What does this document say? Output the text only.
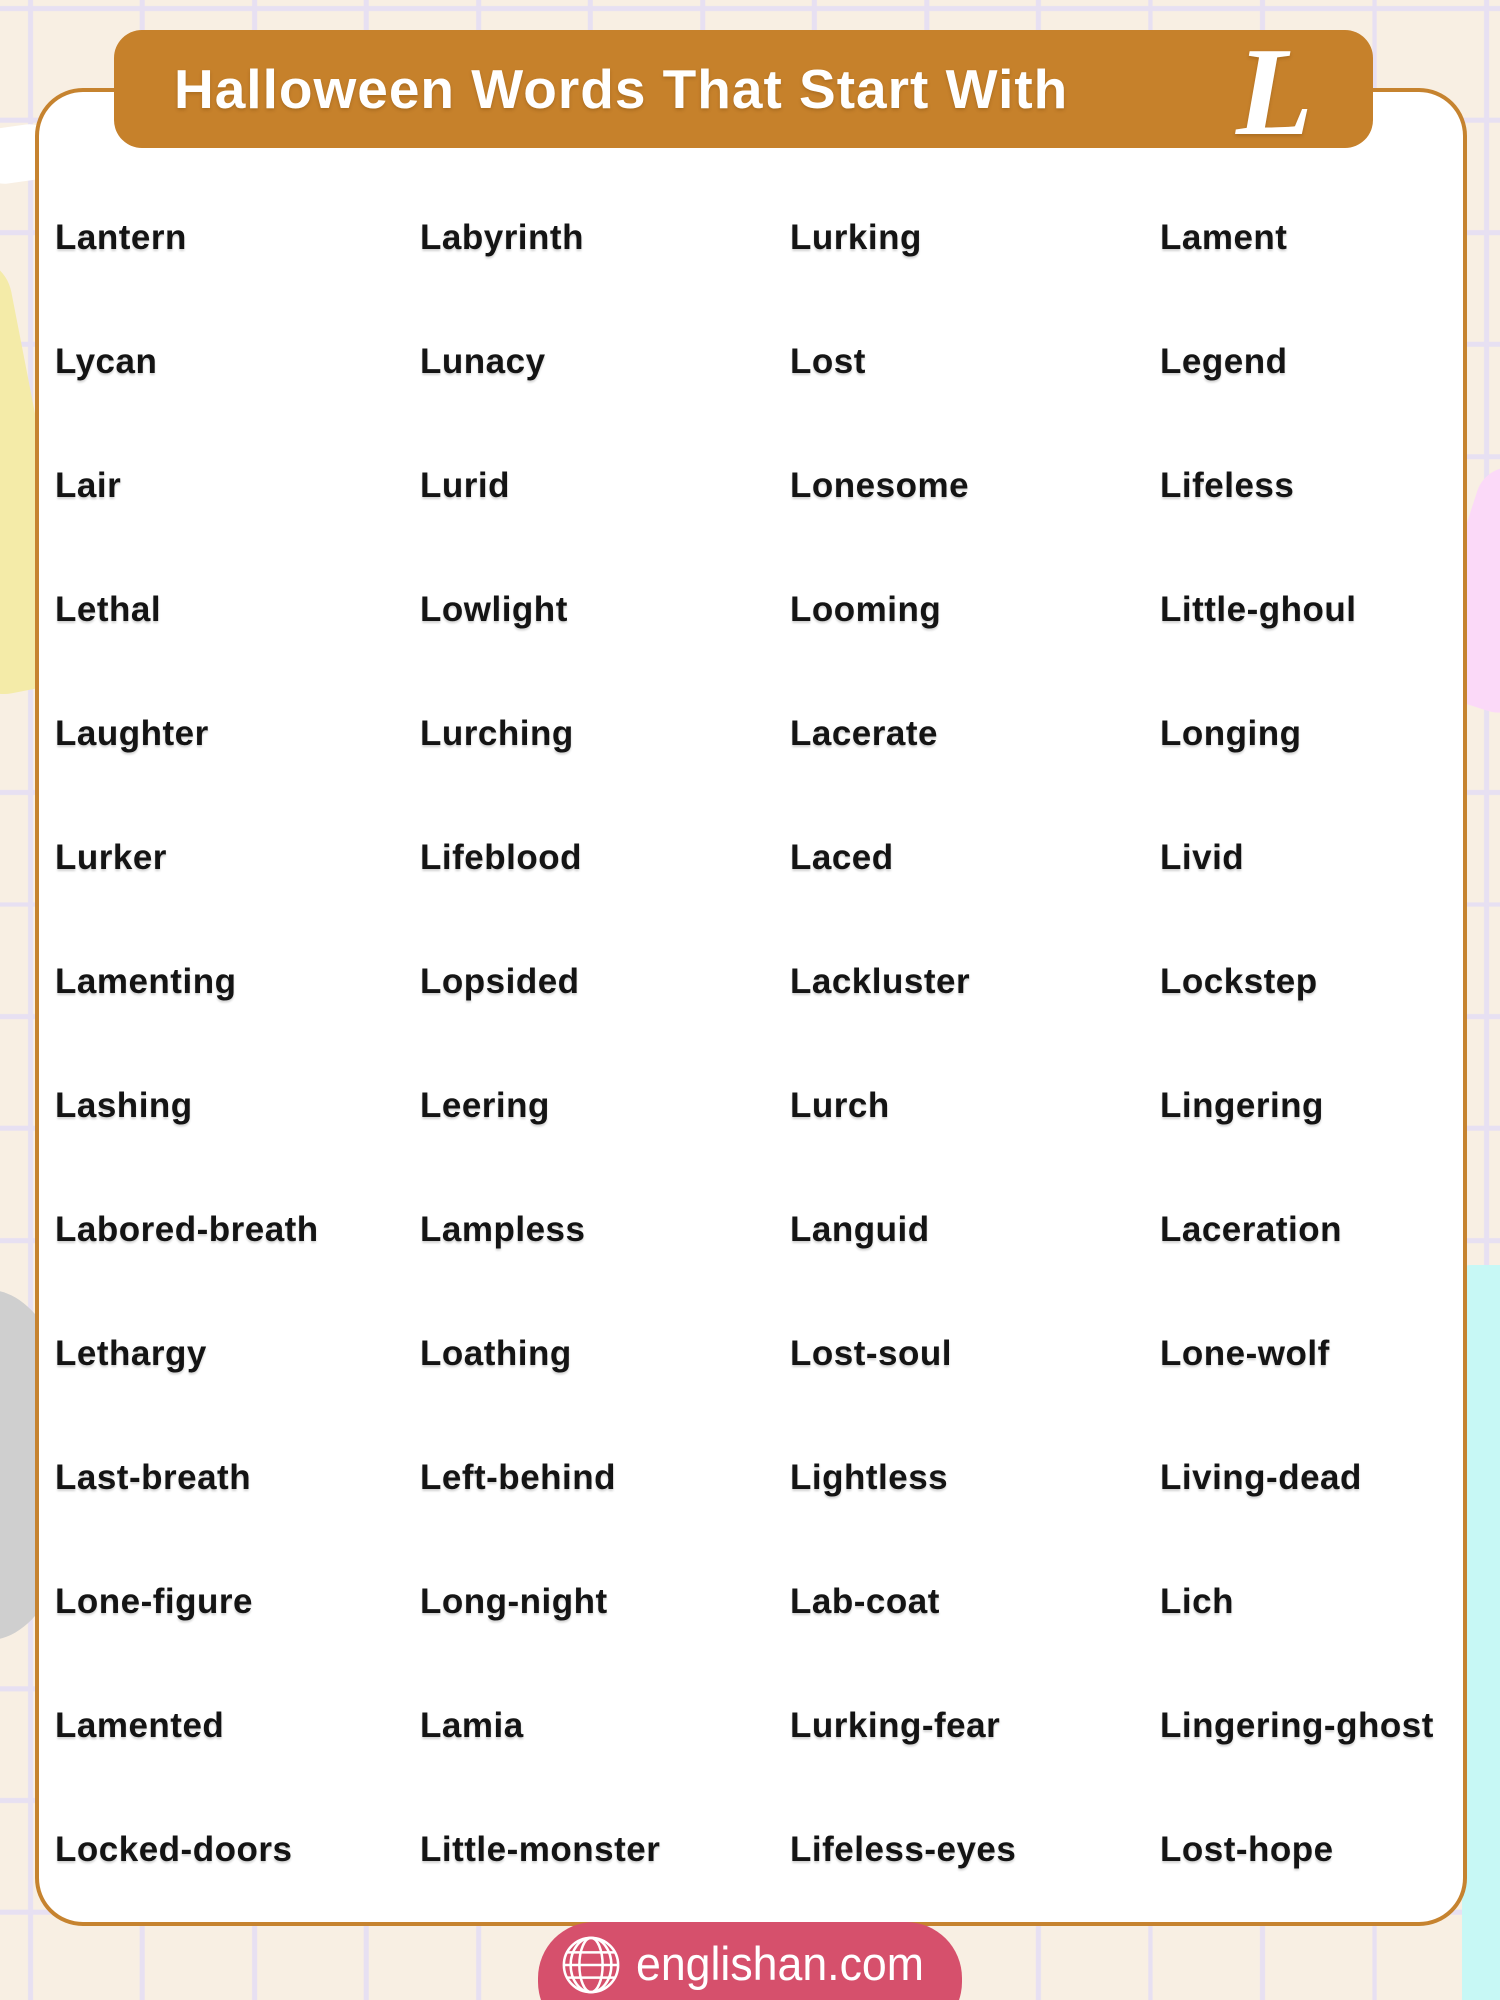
Halloween Words That Start With L
Lantern
Lycan
Lair
Lethal
Laughter
Lurker
Lamenting
Lashing
Labored-breath
Lethargy
Last-breath
Lone-figure
Lamented
Locked-doors
Labyrinth
Lunacy
Lurid
Lowlight
Lurching
Lifeblood
Lopsided
Leering
Lampless
Loathing
Left-behind
Long-night
Lamia
Little-monster
Lurking
Lost
Lonesome
Looming
Lacerate
Laced
Lackluster
Lurch
Languid
Lost-soul
Lightless
Lab-coat
Lurking-fear
Lifeless-eyes
Lament
Legend
Lifeless
Little-ghoul
Longing
Livid
Lockstep
Lingering
Laceration
Lone-wolf
Living-dead
Lich
Lingering-ghost
Lost-hope
englishan.com
